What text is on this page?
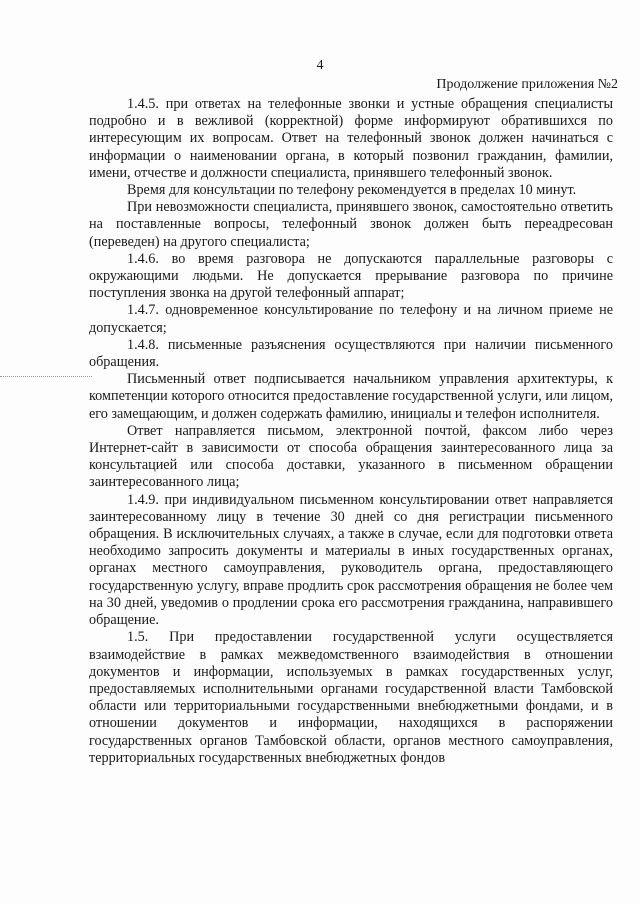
4
Продолжение приложения №2

1.4.5. при ответах на телефонные звонки и устные обращения специалисты подробно и в вежливой (корректной) форме информируют обратившихся по интересующим их вопросам. Ответ на телефонный звонок должен начинаться с информации о наименовании органа, в который позвонил гражданин, фамилии, имени, отчестве и должности специалиста, принявшего телефонный звонок.

Время для консультации по телефону рекомендуется в пределах 10 минут.

При невозможности специалиста, принявшего звонок, самостоятельно ответить на поставленные вопросы, телефонный звонок должен быть переадресован (переведен) на другого специалиста;

1.4.6. во время разговора не допускаются параллельные разговоры с окружающими людьми. Не допускается прерывание разговора по причине поступления звонка на другой телефонный аппарат;

1.4.7. одновременное консультирование по телефону и на личном приеме не допускается;

1.4.8. письменные разъяснения осуществляются при наличии письменного обращения.

Письменный ответ подписывается начальником управления архитектуры, к компетенции которого относится предоставление государственной услуги, или лицом, его замещающим, и должен содержать фамилию, инициалы и телефон исполнителя.

Ответ направляется письмом, электронной почтой, факсом либо через Интернет-сайт в зависимости от способа обращения заинтересованного лица за консультацией или способа доставки, указанного в письменном обращении заинтересованного лица;

1.4.9. при индивидуальном письменном консультировании ответ направляется заинтересованному лицу в течение 30 дней со дня регистрации письменного обращения. В исключительных случаях, а также в случае, если для подготовки ответа необходимо запросить документы и материалы в иных государственных органах, органах местного самоуправления, руководитель органа, предоставляющего государственную услугу, вправе продлить срок рассмотрения обращения не более чем на 30 дней, уведомив о продлении срока его рассмотрения гражданина, направившего обращение.

1.5. При предоставлении государственной услуги осуществляется взаимодействие в рамках межведомственного взаимодействия в отношении документов и информации, используемых в рамках государственных услуг, предоставляемых исполнительными органами государственной власти Тамбовской области или территориальными государственными внебюджетными фондами, и в отношении документов и информации, находящихся в распоряжении государственных органов Тамбовской области, органов местного самоуправления, территориальных государственных внебюджетных фондов
